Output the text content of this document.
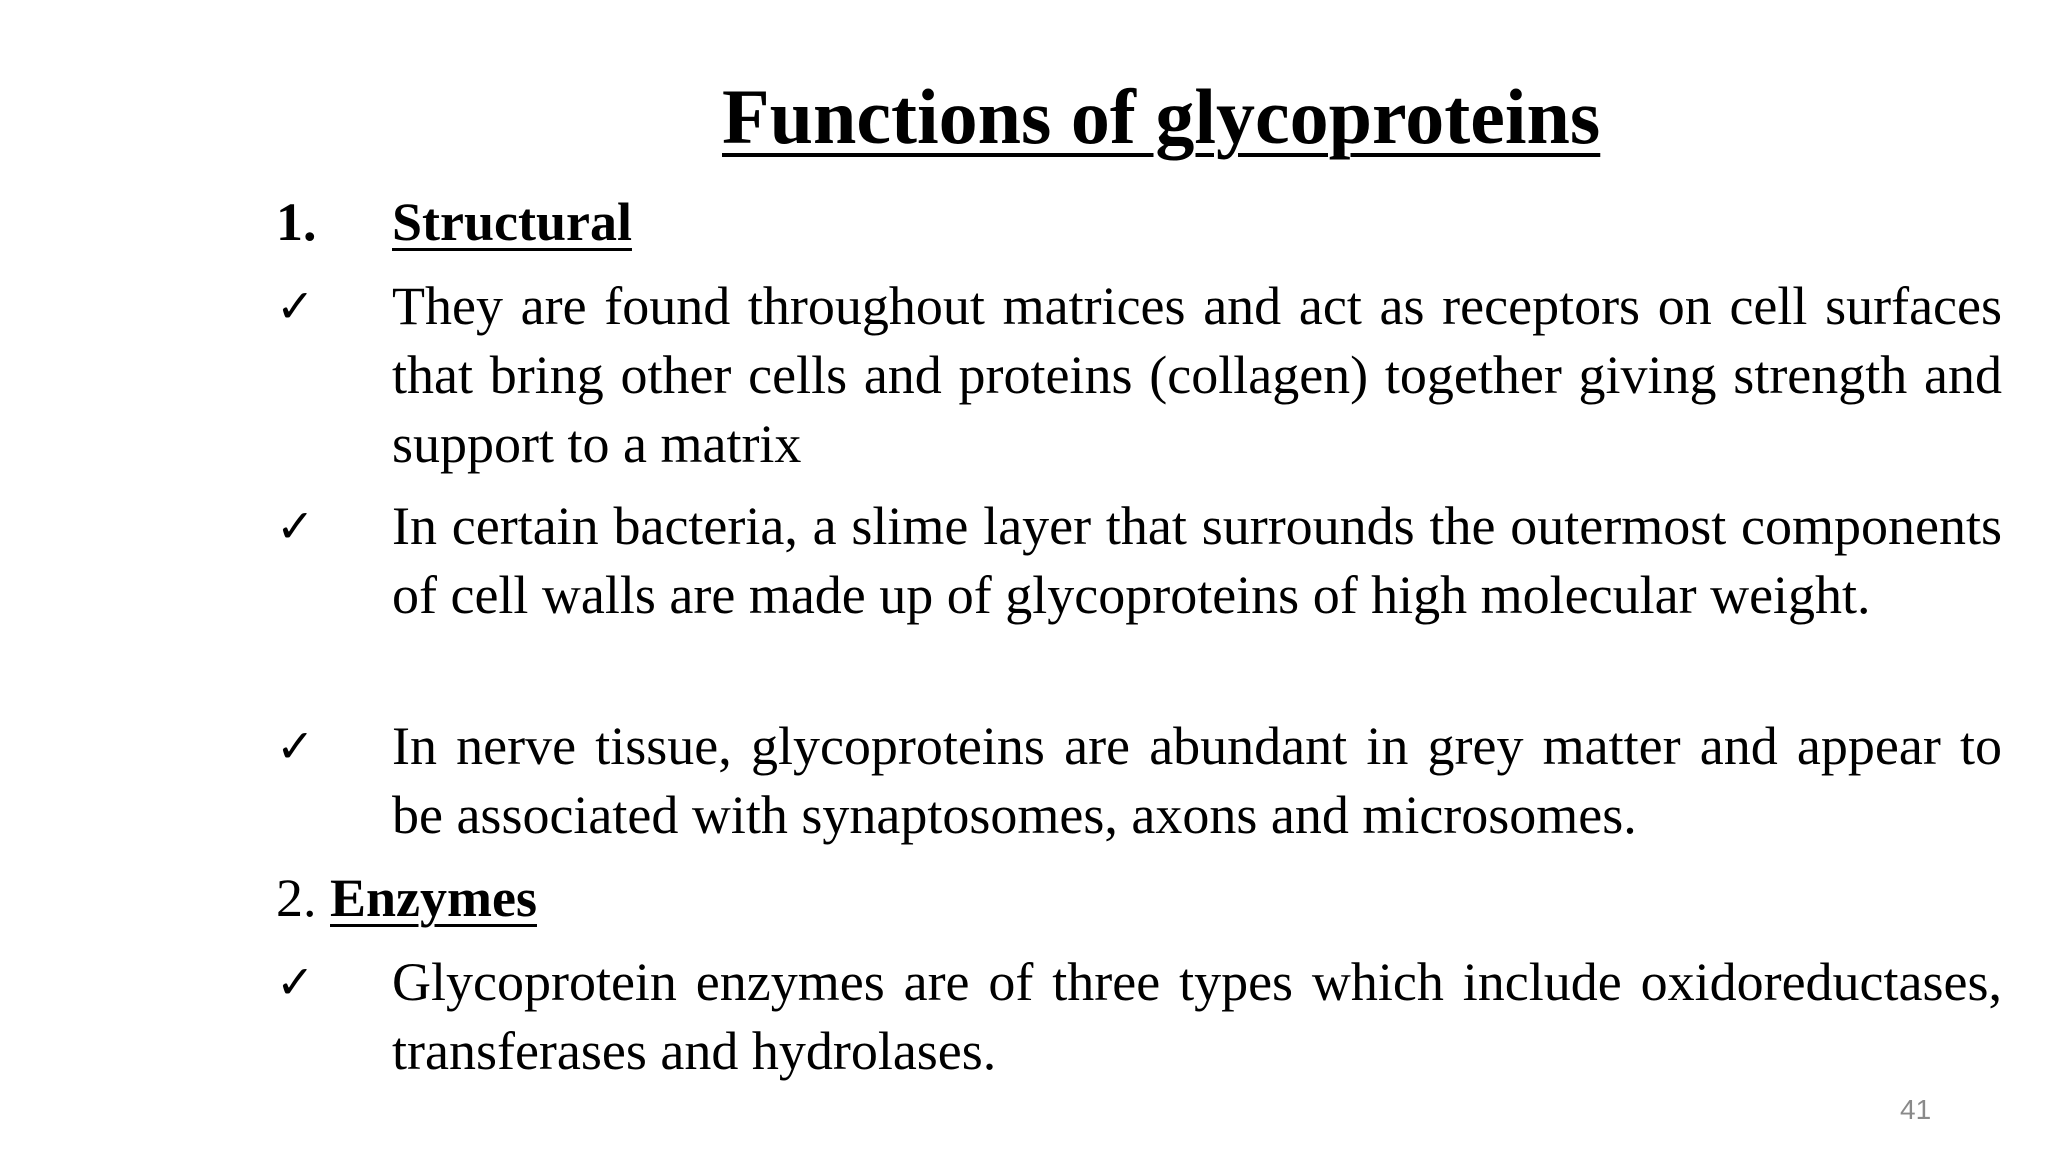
Functions of glycoproteins
1. Structural
✓	They are found throughout matrices and act as receptors on cell surfaces that bring other cells and proteins (collagen) together giving strength and support to a matrix
✓	In certain bacteria, a slime layer that surrounds the outermost components of cell walls are made up of glycoproteins of high molecular weight.
✓	In nerve tissue, glycoproteins are abundant in grey matter and appear to be associated with synaptosomes, axons and microsomes.
2. Enzymes
✓	Glycoprotein enzymes are of three types which include oxidoreductases, transferases and hydrolases.
41
